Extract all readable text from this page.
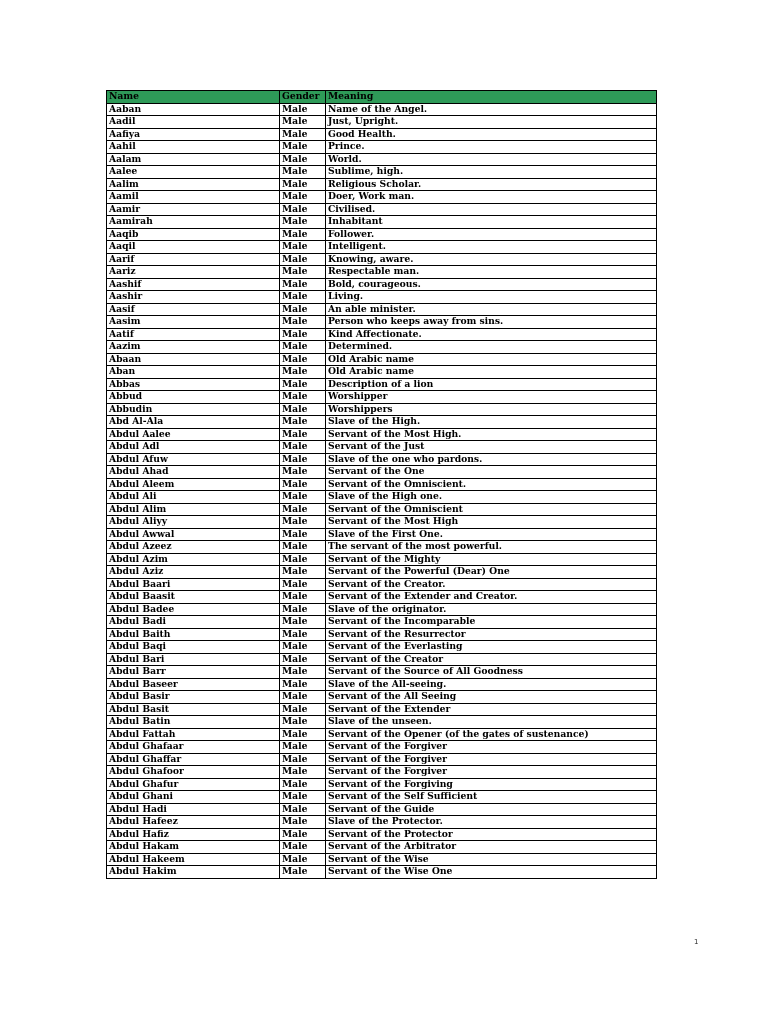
Name	Gender	Meaning
Aaban	Male	Name of the Angel.
Aadil	Male	Just, Upright.
Aafiya	Male	Good Health.
Aahil	Male	Prince.
Aalam	Male	World.
Aalee	Male	Sublime, high.
Aalim	Male	Religious Scholar.
Aamil	Male	Doer, Work man.
Aamir	Male	Civilised.
Aamirah	Male	Inhabitant
Aaqib	Male	Follower.
Aaqil	Male	Intelligent.
Aarif	Male	Knowing, aware.
Aariz	Male	Respectable man.
Aashif	Male	Bold, courageous.
Aashir	Male	Living.
Aasif	Male	An able minister.
Aasim	Male	Person who keeps away from sins.
Aatif	Male	Kind Affectionate.
Aazim	Male	Determined.
Abaan	Male	Old Arabic name
Aban	Male	Old Arabic name
Abbas	Male	Description of a lion
Abbud	Male	Worshipper
Abbudin	Male	Worshippers
Abd Al-Ala	Male	Slave of the High.
Abdul Aalee	Male	Servant of the Most High.
Abdul Adl	Male	Servant of the Just
Abdul Afuw	Male	Slave of the one who pardons.
Abdul Ahad	Male	Servant of the One
Abdul Aleem	Male	Servant of the Omniscient.
Abdul Ali	Male	Slave of the High one.
Abdul Alim	Male	Servant of the Omniscient
Abdul Aliyy	Male	Servant of the Most High
Abdul Awwal	Male	Slave of the First One.
Abdul Azeez	Male	The servant of the most powerful.
Abdul Azim	Male	Servant of the Mighty
Abdul Aziz	Male	Servant of the Powerful (Dear) One
Abdul Baari	Male	Servant of the Creator.
Abdul Baasit	Male	Servant of the Extender and Creator.
Abdul Badee	Male	Slave of the originator.
Abdul Badi	Male	Servant of the Incomparable
Abdul Baith	Male	Servant of the Resurrector
Abdul Baqi	Male	Servant of the Everlasting
Abdul Bari	Male	Servant of the Creator
Abdul Barr	Male	Servant of the Source of All Goodness
Abdul Baseer	Male	Slave of the All-seeing.
Abdul Basir	Male	Servant of the All Seeing
Abdul Basit	Male	Servant of the Extender
Abdul Batin	Male	Slave of the unseen.
Abdul Fattah	Male	Servant of the Opener (of the gates of sustenance)
Abdul Ghafaar	Male	Servant of the Forgiver
Abdul Ghaffar	Male	Servant of the Forgiver
Abdul Ghafoor	Male	Servant of the Forgiver
Abdul Ghafur	Male	Servant of the Forgiving
Abdul Ghani	Male	Servant of the Self Sufficient
Abdul Hadi	Male	Servant of the Guide
Abdul Hafeez	Male	Slave of the Protector.
Abdul Hafiz	Male	Servant of the Protector
Abdul Hakam	Male	Servant of the Arbitrator
Abdul Hakeem	Male	Servant of the Wise
Abdul Hakim	Male	Servant of the Wise One
1
